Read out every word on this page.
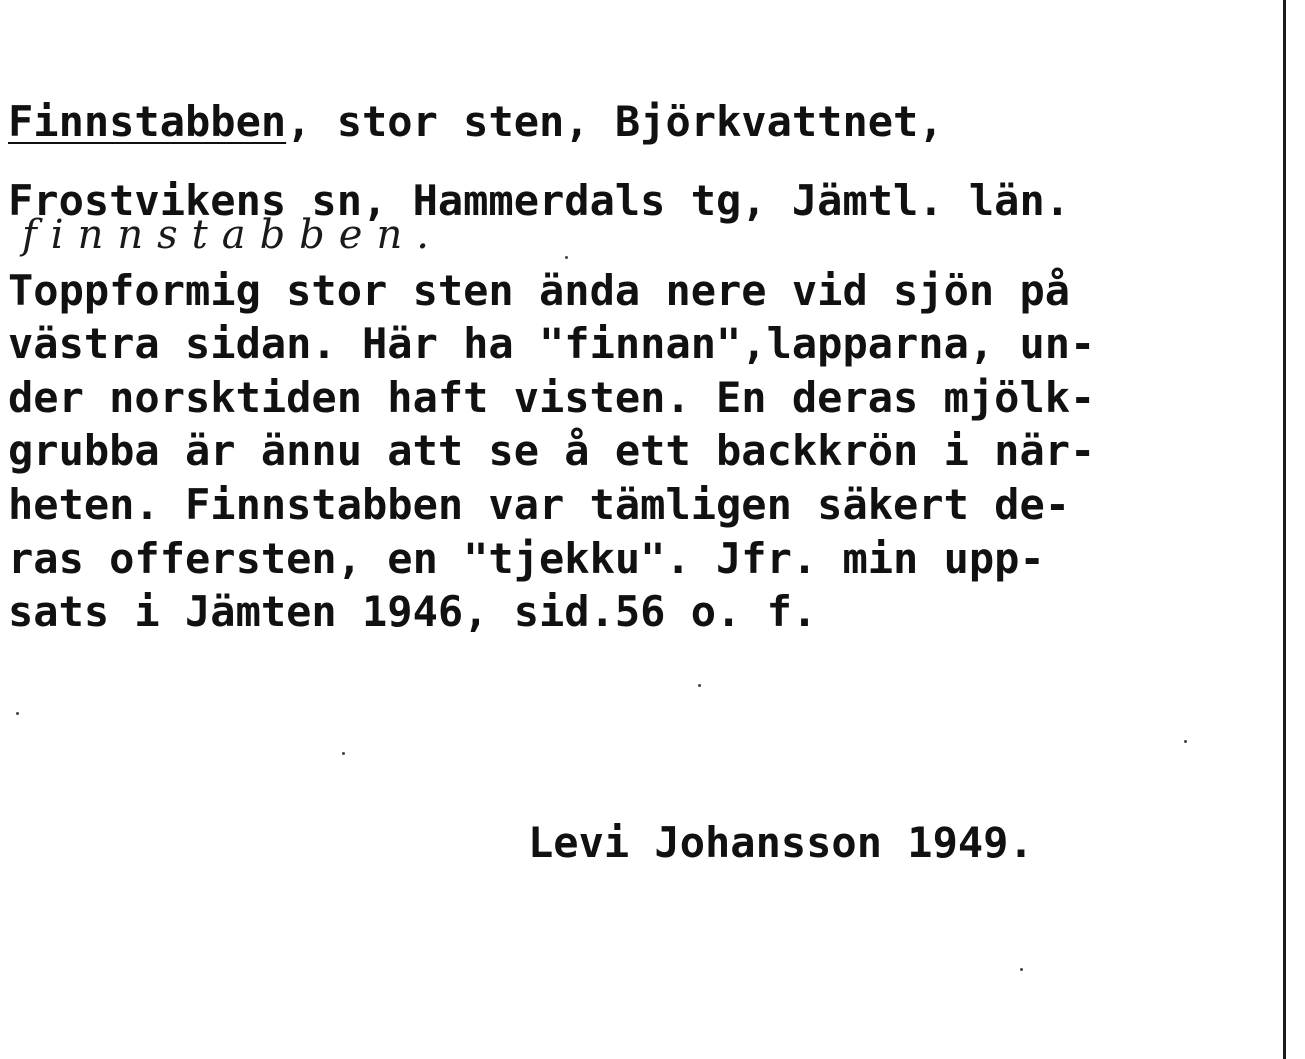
Finnstabben, stor sten, Björkvattnet,
Frostvikens sn, Hammerdals tg, Jämtl. län.
finnstabben.
Toppformig stor sten ända nere vid sjön på
västra sidan. Här ha "finnan",lapparna, un-
der norsktiden haft visten. En deras mjölk-
grubba är ännu att se å ett backkrön i när-
heten. Finnstabben var tämligen säkert de-
ras offersten, en "tjekku". Jfr. min upp-
sats i Jämten 1946, sid.56 o. f.
Levi Johansson 1949.
